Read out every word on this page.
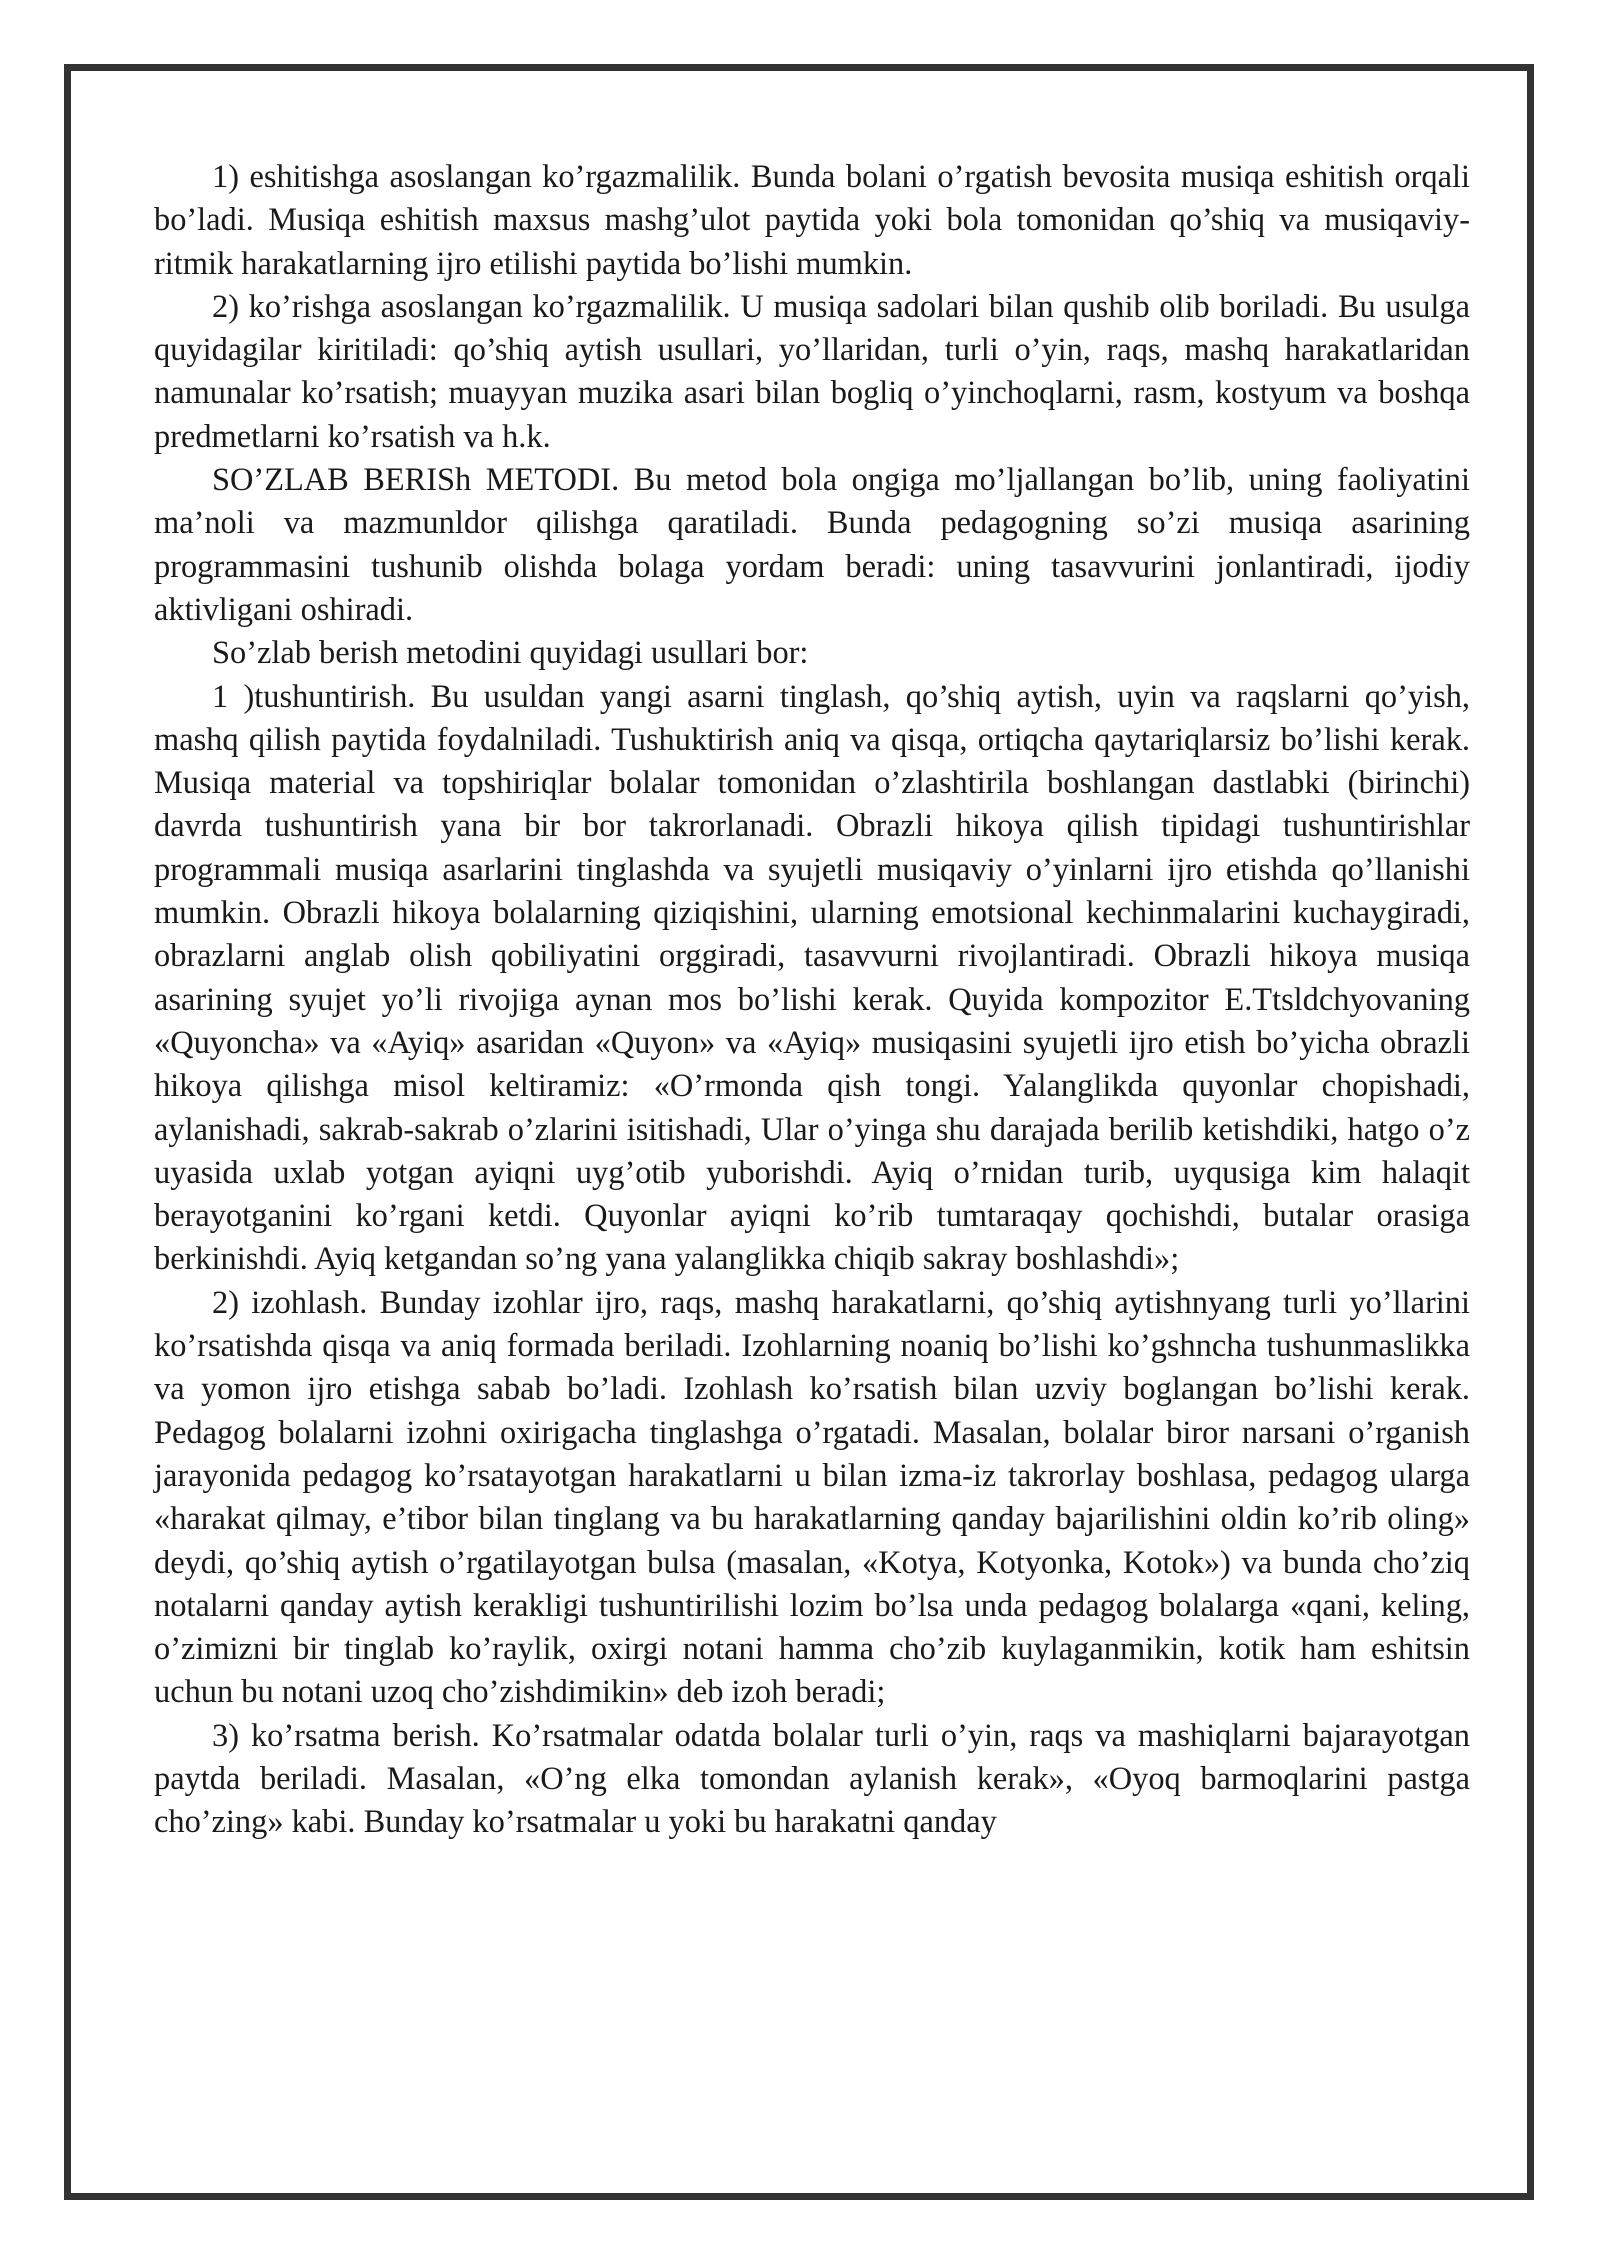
1) eshitishga asoslangan ko’rgazmalilik. Bunda bolani o’rgatish bevosita musiqa eshitish orqali bo’ladi. Musiqa eshitish maxsus mashg’ulot paytida yoki bola tomonidan qo’shiq va musiqaviy-ritmik harakatlarning ijro etilishi paytida bo’lishi mumkin.

2) ko’rishga asoslangan ko’rgazmalilik. U musiqa sadolari bilan qushib olib boriladi. Bu usulga quyidagilar kiritiladi: qo’shiq aytish usullari, yo’llaridan, turli o’yin, raqs, mashq harakatlaridan namunalar ko’rsatish; muayyan muzika asari bilan bogliq o’yinchoqlarni, rasm, kostyum va boshqa predmetlarni ko’rsatish va h.k.

SO’ZLAB BERISh METODI. Bu metod bola ongiga mo’ljallangan bo’lib, uning faoliyatini ma’noli va mazmunldor qilishga qaratiladi. Bunda pedagogning so’zi musiqa asarining programmasini tushunib olishda bolaga yordam beradi: uning tasavvurini jonlantiradi, ijodiy aktivligani oshiradi.

So’zlab berish metodini quyidagi usullari bor:

1 )tushuntirish. Bu usuldan yangi asarni tinglash, qo’shiq aytish, uyin va raqslarni qo’yish, mashq qilish paytida foydalniladi. Tushuktirish aniq va qisqa, ortiqcha qaytariqlarsiz bo’lishi kerak. Musiqa material va topshiriqlar bolalar tomonidan o’zlashtirila boshlangan dastlabki (birinchi) davrda tushuntirish yana bir bor takrorlanadi. Obrazli hikoya qilish tipidagi tushuntirishlar programmali musiqa asarlarini tinglashda va syujetli musiqaviy o’yinlarni ijro etishda qo’llanishi mumkin. Obrazli hikoya bolalarning qiziqishini, ularning emotsional kechinmalarini kuchaygiradi, obrazlarni anglab olish qobiliyatini orggiradi, tasavvurni rivojlantiradi. Obrazli hikoya musiqa asarining syujet yo’li rivojiga aynan mos bo’lishi kerak. Quyida kompozitor E.Ttsldchyovaning «Quyoncha» va «Ayiq» asaridan «Quyon» va «Ayiq» musiqasini syujetli ijro etish bo’yicha obrazli hikoya qilishga misol keltiramiz: «O’rmonda qish tongi. Yalanglikda quyonlar chopishadi, aylanishadi, sakrab-sakrab o’zlarini isitishadi, Ular o’yinga shu darajada berilib ketishdiki, hatgo o’z uyasida uxlab yotgan ayiqni uyg’otib yuborishdi. Ayiq o’rnidan turib, uyqusiga kim halaqit berayotganini ko’rgani ketdi. Quyonlar ayiqni ko’rib tumtaraqay qochishdi, butalar orasiga berkinishdi. Ayiq ketgandan so’ng yana yalanglikka chiqib sakray boshlashdi»;

2) izohlash. Bunday izohlar ijro, raqs, mashq harakatlarni, qo’shiq aytishnyang turli yo’llarini ko’rsatishda qisqa va aniq formada beriladi. Izohlarning noaniq bo’lishi ko’gshncha tushunmaslikka va yomon ijro etishga sabab bo’ladi. Izohlash ko’rsatish bilan uzviy boglangan bo’lishi kerak. Pedagog bolalarni izohni oxirigacha tinglashga o’rgatadi. Masalan, bolalar biror narsani o’rganish jarayonida pedagog ko’rsatayotgan harakatlarni u bilan izma-iz takrorlay boshlasa, pedagog ularga «harakat qilmay, e’tibor bilan tinglang va bu harakatlarning qanday bajarilishini oldin ko’rib oling» deydi, qo’shiq aytish o’rgatilayotgan bulsa (masalan, «Kotya, Kotyonka, Kotok») va bunda cho’ziq notalarni qanday aytish kerakligi tushuntirilishi lozim bo’lsa unda pedagog bolalarga «qani, keling, o’zimizni bir tinglab ko’raylik, oxirgi notani hamma cho’zib kuylaganmikin, kotik ham eshitsin uchun bu notani uzoq cho’zishdimikin» deb izoh beradi;

3) ko’rsatma berish. Ko’rsatmalar odatda bolalar turli o’yin, raqs va mashiqlarni bajarayotgan paytda beriladi. Masalan, «O’ng elka tomondan aylanish kerak», «Oyoq barmoqlarini pastga cho’zing» kabi. Bunday ko’rsatmalar u yoki bu harakatni qanday
